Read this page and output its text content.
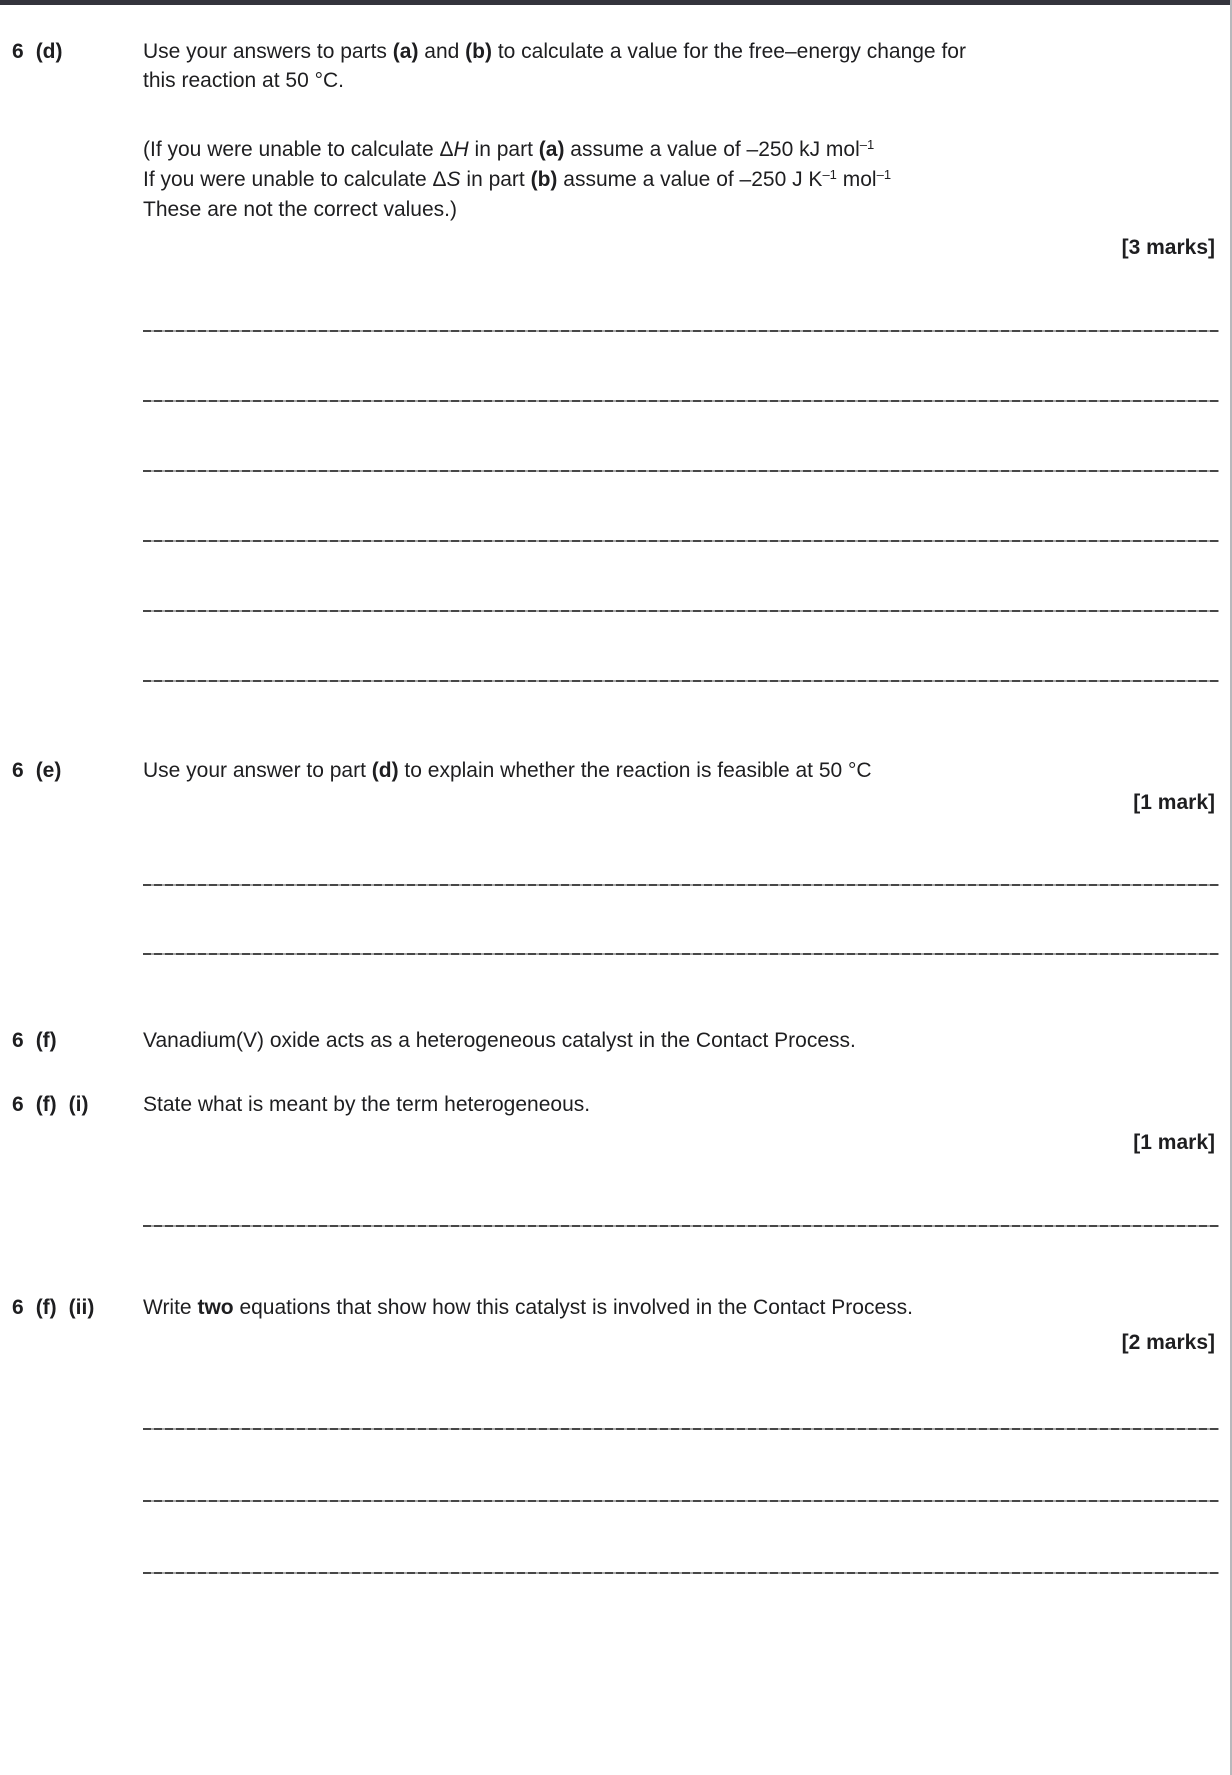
6 (d)	Use your answers to parts (a) and (b) to calculate a value for the free–energy change for
this reaction at 50 °C.
(If you were unable to calculate ΔH in part (a) assume a value of –250 kJ mol$^{-1}$
If you were unable to calculate ΔS in part (b) assume a value of –250 J $K^{-1}$ mol$^{-1}$
These are not the correct values.)
[3 marks]
6 (e)	Use your answer to part (d) to explain whether the reaction is feasible at 50 °C
[1 mark]
6 (f)	Vanadium(V) oxide acts as a heterogeneous catalyst in the Contact Process.
6 (f) (i)	State what is meant by the term heterogeneous.
[1 mark]
6 (f) (ii) Write two equations that show how this catalyst is involved in the Contact Process.
[2 marks]
